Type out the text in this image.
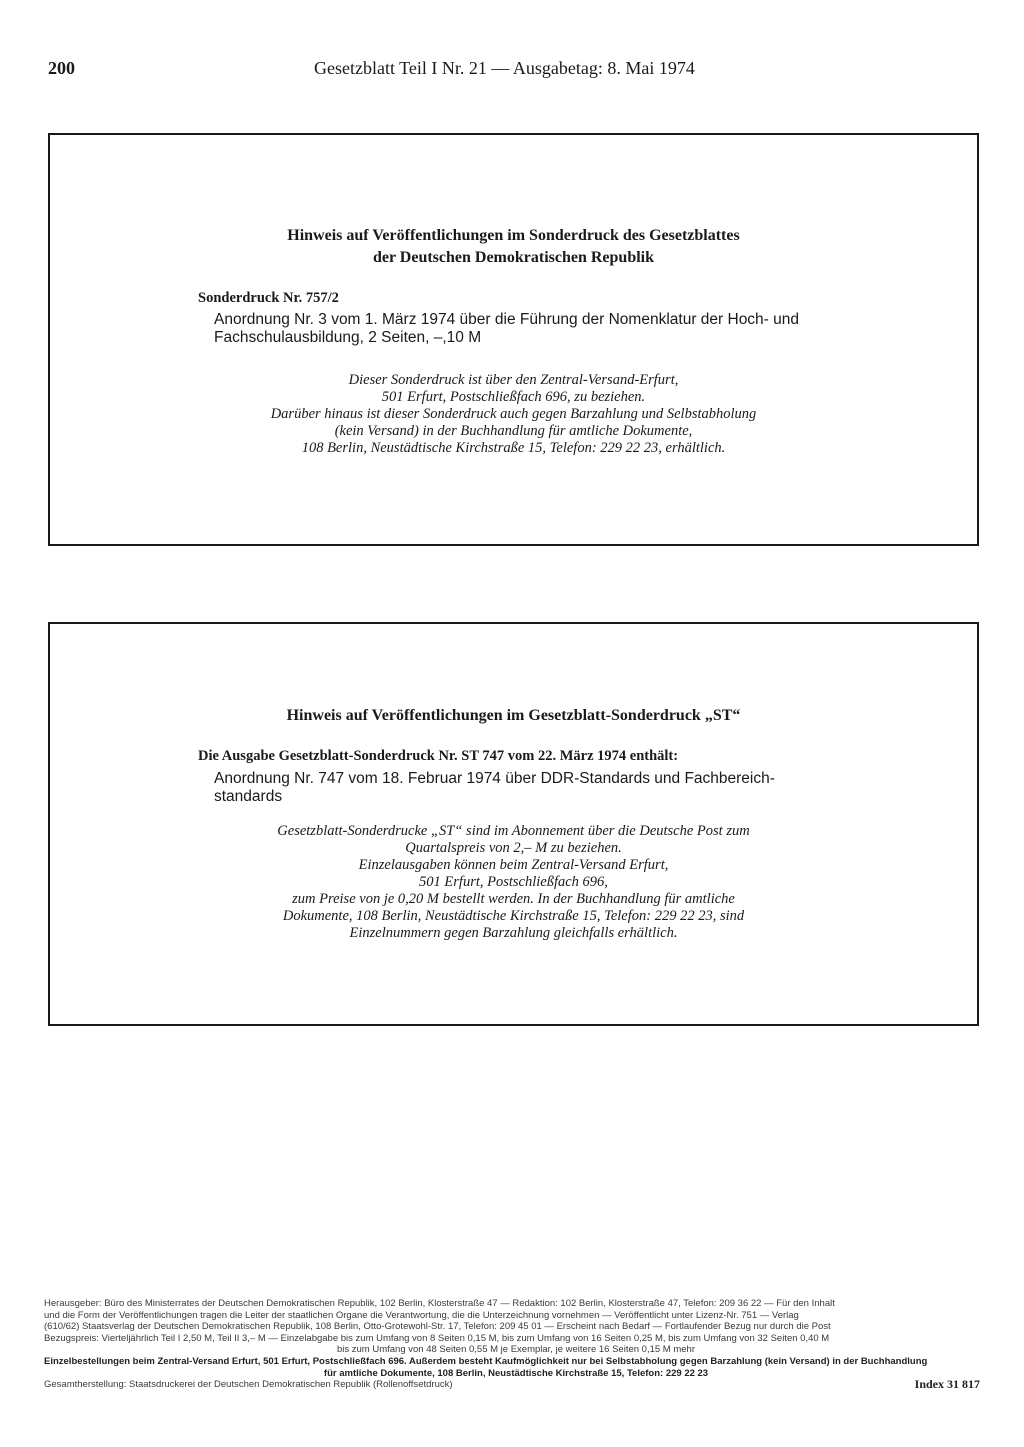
200	Gesetzblatt Teil I Nr. 21 — Ausgabetag: 8. Mai 1974
Hinweis auf Veröffentlichungen im Sonderdruck des Gesetzblattes
der Deutschen Demokratischen Republik
Sonderdruck Nr. 757/2
Anordnung Nr. 3 vom 1. März 1974 über die Führung der Nomenklatur der Hoch- und
Fachschulausbildung, 2 Seiten, –,10 M
Dieser Sonderdruck ist über den Zentral-Versand-Erfurt,
501 Erfurt, Postschließfach 696, zu beziehen.
Darüber hinaus ist dieser Sonderdruck auch gegen Barzahlung und Selbstabholung
(kein Versand) in der Buchhandlung für amtliche Dokumente,
108 Berlin, Neustädtische Kirchstraße 15, Telefon: 229 22 23, erhältlich.
Hinweis auf Veröffentlichungen im Gesetzblatt-Sonderdruck „ST“
Die Ausgabe Gesetzblatt-Sonderdruck Nr. ST 747 vom 22. März 1974 enthält:
Anordnung Nr. 747 vom 18. Februar 1974 über DDR-Standards und Fachbereich-
standards
Gesetzblatt-Sonderdrucke „ST“ sind im Abonnement über die Deutsche Post zum
Quartalspreis von 2,– M zu beziehen.
Einzelausgaben können beim Zentral-Versand Erfurt,
501 Erfurt, Postschließfach 696,
zum Preise von je 0,20 M bestellt werden. In der Buchhandlung für amtliche
Dokumente, 108 Berlin, Neustädtische Kirchstraße 15, Telefon: 229 22 23, sind
Einzelnummern gegen Barzahlung gleichfalls erhältlich.
Herausgeber: Büro des Ministerrates der Deutschen Demokratischen Republik, 102 Berlin, Klosterstraße 47 — Redaktion: 102 Berlin, Klosterstraße 47, Telefon: 209 36 22 — Für den Inhalt
und die Form der Veröffentlichungen tragen die Leiter der staatlichen Organe die Verantwortung, die die Unterzeichnung vornehmen — Veröffentlicht unter Lizenz-Nr. 751 — Verlag
(610/62) Staatsverlag der Deutschen Demokratischen Republik, 108 Berlin, Otto-Grotewohl-Str. 17, Telefon: 209 45 01 — Erscheint nach Bedarf — Fortlaufender Bezug nur durch die Post
Bezugspreis: Vierteljährlich Teil I 2,50 M, Teil II 3,– M — Einzelabgabe bis zum Umfang von 8 Seiten 0,15 M, bis zum Umfang von 16 Seiten 0,25 M, bis zum Umfang von 32 Seiten 0,40 M
bis zum Umfang von 48 Seiten 0,55 M je Exemplar, je weitere 16 Seiten 0,15 M mehr
Einzelbestellungen beim Zentral-Versand Erfurt, 501 Erfurt, Postschließfach 696. Außerdem besteht Kaufmöglichkeit nur bei Selbstabholung gegen Barzahlung (kein Versand) in der Buchhandlung
für amtliche Dokumente, 108 Berlin, Neustädtische Kirchstraße 15, Telefon: 229 22 23
Gesamtherstellung: Staatsdruckerei der Deutschen Demokratischen Republik (Rollenoffsetdruck)	Index 31 817
